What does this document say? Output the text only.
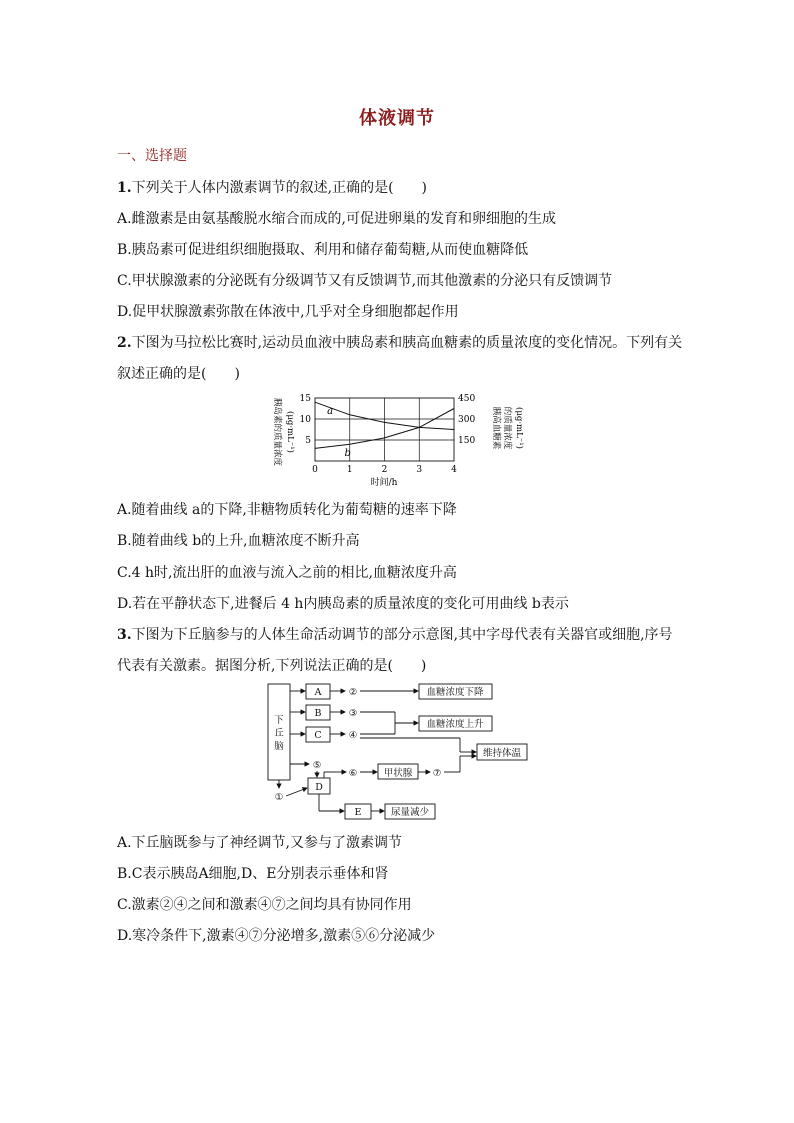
体液调节
一、选择题
1.下列关于人体内激素调节的叙述,正确的是(　　)
A.雌激素是由氨基酸脱水缩合而成的,可促进卵巢的发育和卵细胞的生成
B.胰岛素可促进组织细胞摄取、利用和储存葡萄糖,从而使血糖降低
C.甲状腺激素的分泌既有分级调节又有反馈调节,而其他激素的分泌只有反馈调节
D.促甲状腺激素弥散在体液中,几乎对全身细胞都起作用
2.下图为马拉松比赛时,运动员血液中胰岛素和胰高血糖素的质量浓度的变化情况。下列有关
叙述正确的是(　　)
胰岛素的质量浓度 (μg·mL⁻¹)	胰高血糖素 的质量浓度 (μg·mL⁻¹)
0	1	2	3	4
5
10
15
150
300
450
a
b
时间/h
A.随着曲线 a的下降,非糖物质转化为葡萄糖的速率下降
B.随着曲线 b的上升,血糖浓度不断升高
C.4 h时,流出肝的血液与流入之前的相比,血糖浓度升高
D.若在平静状态下,进餐后 4 h内胰岛素的质量浓度的变化可用曲线 b表示
3.下图为下丘脑参与的人体生命活动调节的部分示意图,其中字母代表有关器官或细胞,序号
代表有关激素。据图分析,下列说法正确的是(　　)
下
丘
脑
A
B
C
D
E
②
③
④
⑤
⑥	⑦
①
血糖浓度下降
血糖浓度上升
维持体温
甲状腺
尿量减少
A.下丘脑既参与了神经调节,又参与了激素调节
B.C表示胰岛A细胞,D、E分别表示垂体和肾
C.激素②④之间和激素④⑦之间均具有协同作用
D.寒冷条件下,激素④⑦分泌增多,激素⑤⑥分泌减少
